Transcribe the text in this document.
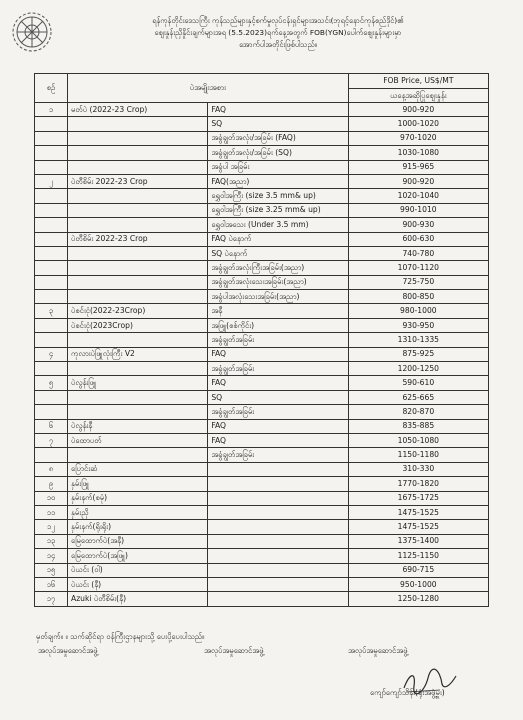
ရန်ကုန်တိုင်းဒေသကြီး ကုန်သည်များနှင့်စက်မှုလုပ်ငန်းရှင်များအသင်း(ဘုရင့်နောင်ကုန်စည်ဒိုင်)၏
ဈေးနှုန်းညှိနှိုင်းချက်များအရ (5.5.2023)ရက်နေ့အတွက် FOB(YGN)ပေါက်ဈေးနှုန်းများမှာ
အောက်ပါအတိုင်းဖြစ်ပါသည်။
စဉ်	ပဲအမျိုးအစား		FOB Price, US$/MT
			ယနေ့အဆိုပြုဈေးနှုန်း
၁	မတ်ပဲ (2022-23 Crop)	FAQ	900-920
		SQ	1000-1020
		အခွံချွတ်အလုံး/အခြမ်း (FAQ)	970-1020
		အခွံချွတ်အလုံး/အခြမ်း (SQ)	1030-1080
		အခွံပါ အခြမ်း	915-965
၂	ပဲတီစိမ်း 2022-23 Crop	FAQ(အညာ)	900-920
		ရွှေဝါအကြီး (size 3.5 mm& up)	1020-1040
		ရွှေဝါအကြီး (size 3.25 mm& up)	990-1010
		ရွှေဝါအသေး (Under 3.5 mm)	900-930
	ပဲတီစိမ်း 2022-23 Crop	FAQ ပဲနောက်	600-630
		SQ ပဲနောက်	740-780
		အခွံချွတ်အလုံးကြီးအခြမ်း(အညာ)	1070-1120
		အခွံချွတ်အလုံးသေးအခြမ်း(အညာ)	725-750
		အခွံပါအလုံးသေးအခြမ်း(အညာ)	800-850
၃	ပဲစင်းငုံ(2022-23Crop)	အနီ	980-1000
	ပဲစင်းငုံ(2023Crop)	အဖြူ(စစ်ကိုင်း)	930-950
		အခွံချွတ်အခြမ်း	1310-1335
၄	ကုလားပဲဖြူလုံးကြီး V2	FAQ	875-925
		အခွံချွတ်အခြမ်း	1200-1250
၅	ပဲလွန်းဖြူ	FAQ	590-610
		SQ	625-665
		အခွံချွတ်အခြမ်း	820-870
၆	ပဲလွန်းနီ	FAQ	835-885
၇	ပဲထောပတ်	FAQ	1050-1080
		အခွံချွတ်အခြမ်း	1150-1180
၈	ပြောင်းဆံ		310-330
၉	နှမ်းဖြူ		1770-1820
၁၀	နှမ်းနက်(စမုံ)		1675-1725
၁၁	နှမ်းညို		1475-1525
၁၂	နှမ်းနက်(ရိုးရိုး)		1475-1525
၁၃	မြေထောက်ပဲ(အနီ)		1375-1400
၁၄	မြေထောက်ပဲ(အဖြူ)		1125-1150
၁၅	ပဲယင်း (ဝါ)		690-715
၁၆	ပဲယင်း (နီ)		950-1000
၁၇	Azuki ပဲတီစိမ်း(နီ)		1250-1280
မှတ်ချက်။ ။ သက်ဆိုင်ရာ ဝန်ကြီးဌာနများသို့ ပေးပို့ပေးပါသည်။
အလုပ်အမှုဆောင်အဖွဲ့	အလုပ်အမှုဆောင်အဖွဲ့	အလုပ်အမှုဆောင်အဖွဲ့
ကျော်ကျော်သိန်း(ရုံးအဖွဲ့မှူး)
